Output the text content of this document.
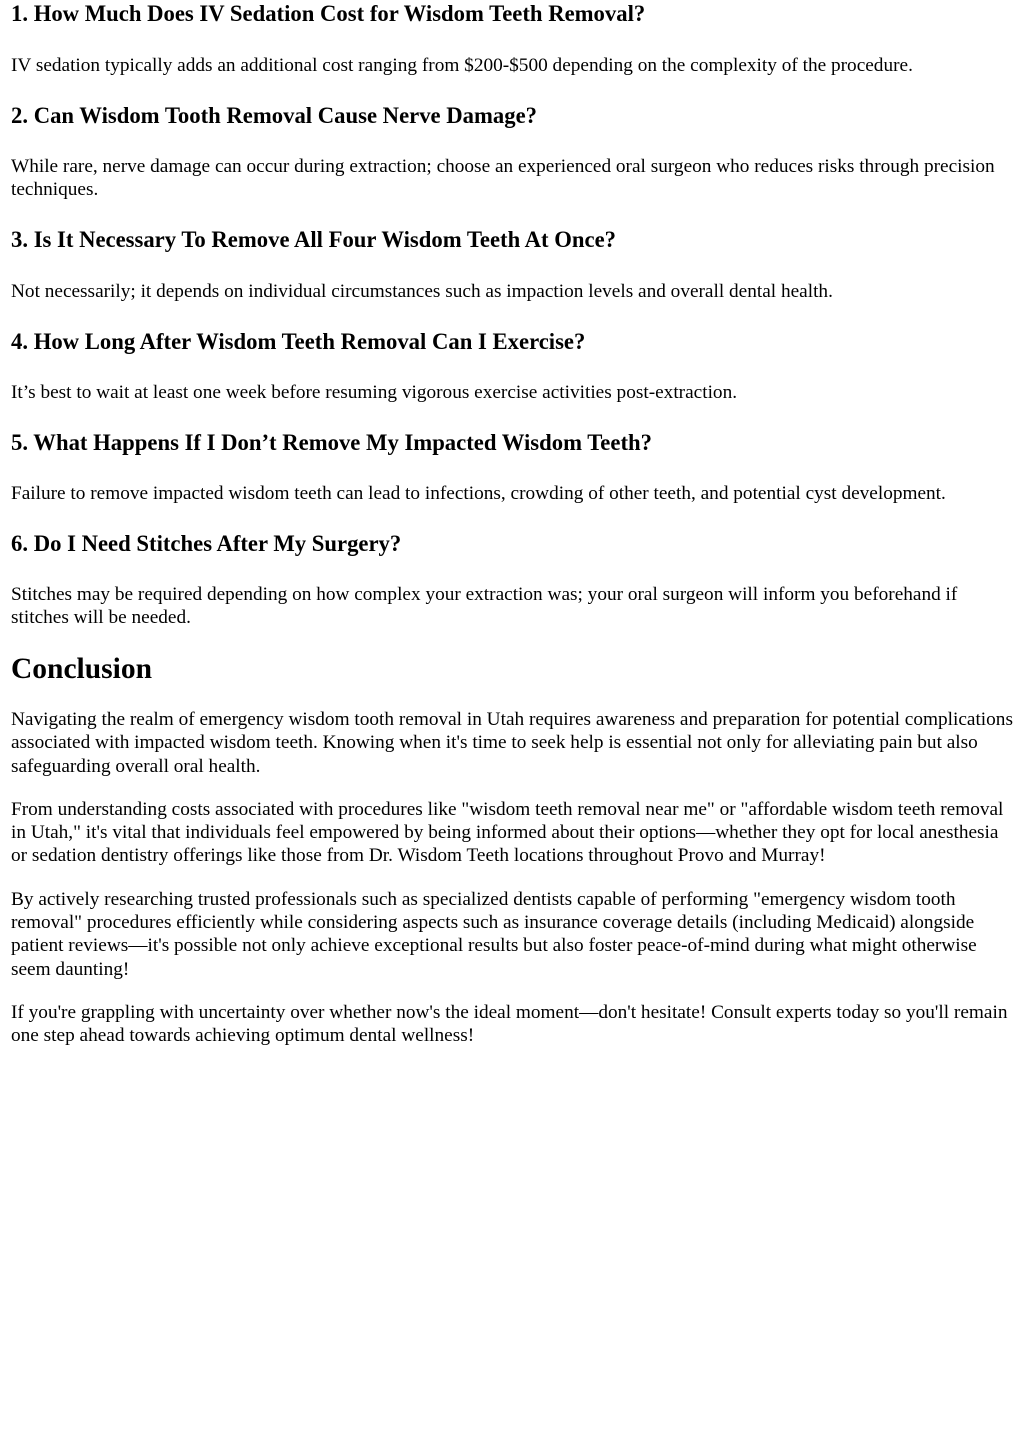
1. How Much Does IV Sedation Cost for Wisdom Teeth Removal?

IV sedation typically adds an additional cost ranging from $200-$500 depending on the complexity of the procedure.

2. Can Wisdom Tooth Removal Cause Nerve Damage?

While rare, nerve damage can occur during extraction; choose an experienced oral surgeon who reduces risks through precision techniques.

3. Is It Necessary To Remove All Four Wisdom Teeth At Once?

Not necessarily; it depends on individual circumstances such as impaction levels and overall dental health.

4. How Long After Wisdom Teeth Removal Can I Exercise?

It’s best to wait at least one week before resuming vigorous exercise activities post-extraction.

5. What Happens If I Don’t Remove My Impacted Wisdom Teeth?

Failure to remove impacted wisdom teeth can lead to infections, crowding of other teeth, and potential cyst development.

6. Do I Need Stitches After My Surgery?

Stitches may be required depending on how complex your extraction was; your oral surgeon will inform you beforehand if stitches will be needed.

Conclusion

Navigating the realm of emergency wisdom tooth removal in Utah requires awareness and preparation for potential complications associated with impacted wisdom teeth. Knowing when it's time to seek help is essential not only for alleviating pain but also safeguarding overall oral health.

From understanding costs associated with procedures like "wisdom teeth removal near me" or "affordable wisdom teeth removal in Utah," it's vital that individuals feel empowered by being informed about their options—whether they opt for local anesthesia or sedation dentistry offerings like those from Dr. Wisdom Teeth locations throughout Provo and Murray!

By actively researching trusted professionals such as specialized dentists capable of performing "emergency wisdom tooth removal" procedures efficiently while considering aspects such as insurance coverage details (including Medicaid) alongside patient reviews—it's possible not only achieve exceptional results but also foster peace-of-mind during what might otherwise seem daunting!

If you're grappling with uncertainty over whether now's the ideal moment—don't hesitate! Consult experts today so you'll remain one step ahead towards achieving optimum dental wellness!
